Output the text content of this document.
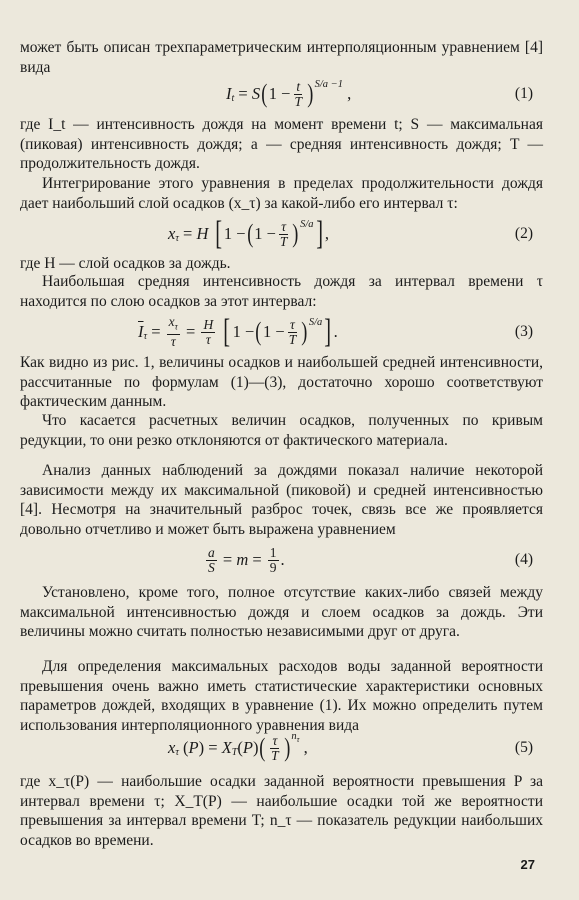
может быть описан трехпараметрическим интерполяционным уравнением [4] вида

I t = S ( $1 - \frac{t}{T} )^{S/a -1}$ ,	(1)

где I_t — интенсивность дождя на момент времени t; S — максимальная (пиковая) интенсивность дождя; a — средняя интенсивность дождя; T — продолжительность дождя.

Интегрирование этого уравнения в пределах продолжительности дождя дает наибольший слой осадков (x_τ) за какой-либо его интервал τ:

x τ = H
[ 1 − ( $1 - \frac{\tau}{T} )^{S/a}$ ] ,	(2)

где H — слой осадков за дождь.

Наибольшая средняя интенсивность дождя за интервал времени τ находится по слою осадков за этот интервал:

$\overline{I}$ $\tau = \frac{x_\tau}{\tau} = \frac{H}{\tau}$
[ 1 − ( $1 - \frac{\tau}{T} )^{S/a}$ ] .	(3)

Как видно из рис. 1, величины осадков и наибольшей средней интенсивности, рассчитанные по формулам (1)—(3), достаточно хорошо соответствуют фактическим данным.

Что касается расчетных величин осадков, полученных по кривым редукции, то они резко отклоняются от фактического материала.

Анализ данных наблюдений за дождями показал наличие некоторой зависимости между их максимальной (пиковой) и средней интенсивностью [4]. Несмотря на значительный разброс точек, связь все же проявляется довольно отчетливо и может быть выражена уравнением

$\frac{a}{S} = m = \frac{1}{9}$ .	(4)

Установлено, кроме того, полное отсутствие каких-либо связей между максимальной интенсивностью дождя и слоем осадков за дождь. Эти величины можно считать полностью независимыми друг от друга.

Для определения максимальных расходов воды заданной вероятности превышения очень важно иметь статистические характеристики основных параметров дождей, входящих в уравнение (1). Их можно определить путем использования интерполяционного уравнения вида

x τ ( P ) = X T ( P ) ( $\frac{\tau}{T} )^{n_\tau}$ ,	(5)

где x_τ(P) — наибольшие осадки заданной вероятности превышения P за интервал времени τ; X_T(P) — наибольшие осадки той же вероятности превышения за интервал времени T; n_τ — показатель редукции наибольших осадков во времени.

27
